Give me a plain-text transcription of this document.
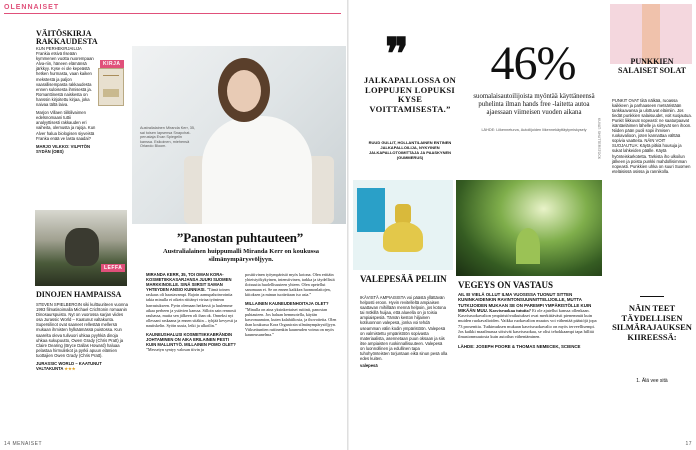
OLENNAISET
VÄITÖSKIRJA RAKKAUDESTA
KIRJA
KUN PERHEKIRJAILIJA Frankia etsivä Ilseään kymmenen vuotta nuorempaan Alva-riin, häneen elämänsä järkkyy. Kyse ei ole kepeästä hetken hurmasta, vaan kaiken mekstestä ja paljon vaarallisempasta rakkaudesta ennen suloisesta ihmisestä ja. Romanttinestä naiskesta on hanssin kirjoitettu kirjaa, joka naivaa tältä laiva.

Marjon Villaen tiilitilivaimen edelsnomaani tuttii analyyttisesti rakkauden eri vaiheita, olemusta ja rajoja. Kun Alver halua biologisen siyveistä Franka enää ve lasta saadai?

MARJO VILKKO: VILPITÖN SYDÄN (OBS)

LEFFA
DINOJEN HAMPAISSA
STEVEN SPIELBERGIN siki kulttuuriteen vuonna 1993 filmatisoimalla Michael Crichtonin romaanin Dinosaurspuisto. Nyt on vuorossa sarjan viides osa Jurassic World – Kaatunut valtakunta. Supersilinot ovat saaneet rellestää mellersä mukaan ihmisten hylkäämässä puistossa. Kun saarelta oleva tulivuori uhkaa pyyhkiä dinoja uhkaa sukupuutto, Owen Grady (Chris Pratt) ja Claire Dearing (Bryce Dallas Howard) haluaa pelastaa hirmuliskot ja pyrkii apuun elämien tuottajien Owen Grady (Chris Pratt).

JURASSIC WORLD – KAATUNUT VALTAKUNTA ★★★

Australialainen Miranda Kerr, 35, sai toisen lapsensa Snapchat-perustaja Evan Spiegelin kanssa. Esikoinen, miehensä Orlando Bloom.
”Panostan puhtauteen”
Australialainen huippumalli Miranda Kerr on koukussa silmänympärysvöljyyn.
MIRANDA KERR, 35, TOI OMAN KORA-KOSMETIIKKASARJANSA JUURI SUOMEN MARKKINOILLE. SINÄ SIIRSIT SAMAN YHTEYDEN ANSIO KUNNIASI. ”Tämä toinen raskaus oli haastavampi. Rajoin aamupahoinvointia takia minulla ei oikein riittänyt virtaa työnteon harrastukseen. Pyrin olemaan hetkessä ja luulemme aikaa perheen ja ystävien kanssa. Silloin sain rennosti rauhassa, mutta sen jälkeen oli ihan ok. Onneksi nyt ollessani raskaana ja ennen sitäkin – tyhjää kevyesti ja nautiskelin. Syöin uusia, leiki ja ulkoilin.”
KAUNEUSHALUSI KOSMETIIKKABRÄNDIN JOHTAMINEN ON AIKA ERILAINEN PESTI KUIN MALLINTYÖ. MILLAINEN POMO OLET?
”Messeiyn syntyy valosan tiivin ja
positiivinen työympäristö myös kotona. Olen erittäin yhteistyökykyinen, intensiivinen, tarkka ja täydellistä iloisuutta huolellisuuteen yhteen. Olen opetellut sanomaan ei. Se on ennen kaikkea luonnonlaitojen, kiitoksen ja minun tuotteitaan iso asia.”
MILLAINEN KAUNEUDENHOITAJA OLET?
”Minulla on aina yksinkertaiset rutiinit, panostan puhtauteen. Jos haluan hemmotella, käytän kasvonaamion, kuten kalahiiliosia, ja ihovoiteita. Olen ihan koukussa Kora Organicsin silmänympärysöljyyn. Viiksettuntien rutiinenkin kauneuden voima on myös kauneusunelma.”
14 MENAISET
❞
JALKAPALLOSSA ON LOPPUJEN LOPUKSI KYSE VOITTAMISESTA.”
RUUD GULLIT, HOLLANTILAINEN ENTINEN JALKAPALLOILIJA, NYKYINEN JALKAPALLOTOIMITTAJA JA PAASKYNEN (GUMMERUS)
46%
suomalaisautoilijoista myöntää käyttäneensä puhelinta ilman hands free -laitetta autoa ajaessaan viimeisen vuoden aikana
LÄHDE: Liikenneturva, Autoilijoiden liikennekäyttäytymiskysely	KUVAT: SHUTTERSTOCK
VALEPESÄÄ PELIIN
IKÄVISTÄ AMPIAISISTA voi päästä yllättävän helposti eroon. Hyvin revitelleltä ampiaisen saattavan mihillään mennä helpoin, jos kotona tai mökillä huijaa, että alueella on jo toisia ampiaispesiä. Tämän keston hiljainen kotiluonnon valepesä, jonka voi tehdä useamman välin kodin ympäristöön. Valepesä on valmistettu ympäristöön sopivasta materiaalista, asennetaan puun oksaan ja siis itse ampiaisten ruokinnallisuuteen. Valepesä on luonnollinen ja edullinen tapa tuhohyönteisten torjuntaan eikä sinun pesä olla edes kuiten.

valepesä

VEGEYS ON VASTAUS
AIL EI VIELÄ OLLUT ILMA VUOSISSA TUONUT SITTEN KUNINKAIDENKIN RAVINTONSUUNNITTELIJOILLE, MUTTA TUTKIJOIDEN MUKAAN SE ON PAREMPI YMPÄRISTÖLLE KUIN MIKÄÄN MUU. Kasvisruokaa tutuita? Et ole ajatellut kanssa ollenkaan. Kasvisruokavalion ympäristövaikutukset ovat merkittävästi pienemmät kuin muiden ruokavalioiden. Vaikka ruokavalion muutos voi vähentää päästöjä jopa 73 prosenttia. Tutkimuksen mukaan kasvisruokavalio on myös terveellisempi. Jos kaikki maailmassa söisivät kasvisruokaa, se olisi tehokkaampi tapa hillitä ilmastonmuutosta kuin autoilun vähentäminen.
LÄHDE: JOSEPH POORE & THOMAS NEMECEK, SCIENCE
PUNKKIEN SALAISET SOLAT
PUNKIT OVAT tiitä nälkää, ruoassa kaikkeen ja parhaaseen metsäristään tankkaavansa ja ulottuvat eläimiin. Jos tiedät punkkien salaisuudet, voit suojautua. Punkit liikkuvat nopeasti: ne saaturpaavat isäntäeläimen lähelle ja siirtyvät sen ihoon. Niiden pään puoli sopii ihmisen ruokavalioon, joten kannattaa välttää sopivia vaatteita. NÄIN VOIT SUOJAUTUA: Käytä pitkiä housuja ja sukat lahkeiden päälle. Käytä hyönteiskarkotetta. Tarkista iho ulkoilun jälkeen ja poista punkki mahdollisimman nopeasti. Punkkien uhka on suuri Suomen eteläisissä osissa ja rannikolla.
NÄIN TEET TÄYDELLISEN SILMÄRAJAUKSEN KIIREESSÄ:
1. Älä vee sitä
17
